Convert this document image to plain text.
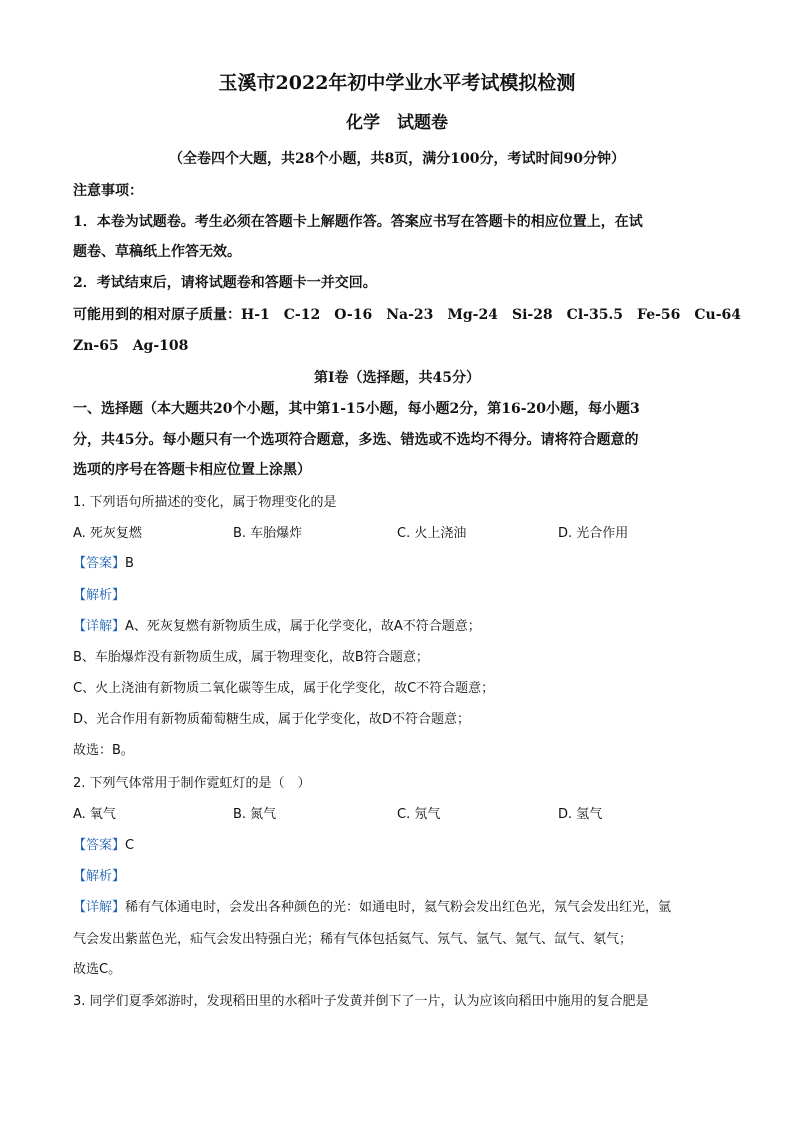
玉溪市2022年初中学业水平考试模拟检测
化学　试题卷
（全卷四个大题，共28个小题，共8页，满分100分，考试时间90分钟）
注意事项：
1．本卷为试题卷。考生必须在答题卡上解题作答。答案应书写在答题卡的相应位置上，在试
题卷、草稿纸上作答无效。
2．考试结束后，请将试题卷和答题卡一并交回。
可能用到的相对原子质量：H-1　C-12　O-16　Na-23　Mg-24　Si-28　Cl-35.5　Fe-56　Cu-64
Zn-65　Ag-108
第I卷（选择题，共45分）
一、选择题（本大题共20个小题，其中第1-15小题，每小题2分，第16-20小题，每小题3
分，共45分。每小题只有一个选项符合题意，多选、错选或不选均不得分。请将符合题意的
选项的序号在答题卡相应位置上涂黑）
1. 下列语句所描述的变化，属于物理变化的是
A. 死灰复燃	B. 车胎爆炸	C. 火上浇油	D. 光合作用
【答案】B
【解析】
【详解】A、死灰复燃有新物质生成，属于化学变化，故A不符合题意；
B、车胎爆炸没有新物质生成，属于物理变化，故B符合题意；
C、火上浇油有新物质二氧化碳等生成，属于化学变化，故C不符合题意；
D、光合作用有新物质葡萄糖生成，属于化学变化，故D不符合题意；
故选：B。
2. 下列气体常用于制作霓虹灯的是（　）
A. 氧气	B. 氮气	C. 氖气	D. 氢气
【答案】C
【解析】
【详解】稀有气体通电时，会发出各种颜色的光：如通电时，氦气粉会发出红色光，氖气会发出红光，氩
气会发出紫蓝色光，疝气会发出特强白光；稀有气体包括氦气、氖气、氩气、氪气、氙气、氡气；
故选C。
3. 同学们夏季郊游时，发现稻田里的水稻叶子发黄并倒下了一片，认为应该向稻田中施用的复合肥是
